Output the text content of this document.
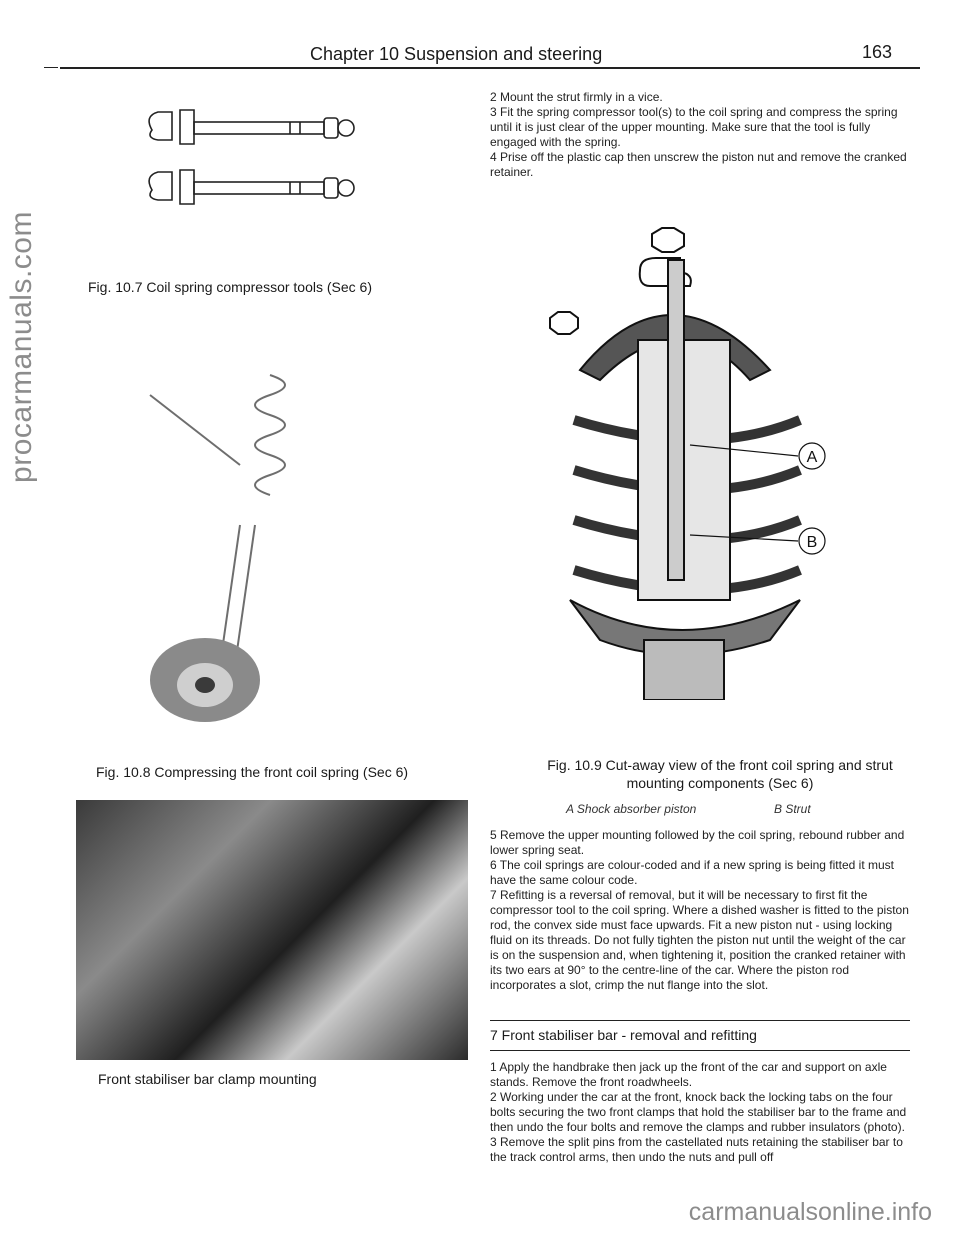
procarmanuals.com
carmanualsonline.info
Chapter 10 Suspension and steering	163
Fig. 10.7 Coil spring compressor tools (Sec 6)
Fig. 10.8 Compressing the front coil spring (Sec 6)
Front stabiliser bar clamp mounting

2 Mount the strut firmly in a vice.

3 Fit the spring compressor tool(s) to the coil spring and compress the spring until it is just clear of the upper mounting. Make sure that the tool is fully engaged with the spring.

4 Prise off the plastic cap then unscrew the piston nut and remove the cranked retainer.

A
B
Fig. 10.9 Cut-away view of the front coil spring and strut mounting components (Sec 6)
A Shock absorber piston	B Strut

5 Remove the upper mounting followed by the coil spring, rebound rubber and lower spring seat.

6 The coil springs are colour-coded and if a new spring is being fitted it must have the same colour code.

7 Refitting is a reversal of removal, but it will be necessary to first fit the compressor tool to the coil spring. Where a dished washer is fitted to the piston rod, the convex side must face upwards. Fit a new piston nut - using locking fluid on its threads. Do not fully tighten the piston nut until the weight of the car is on the suspension and, when tightening it, position the cranked retainer with its two ears at 90° to the centre-line of the car. Where the piston rod incorporates a slot, crimp the nut flange into the slot.

7 Front stabiliser bar - removal and refitting

1 Apply the handbrake then jack up the front of the car and support on axle stands. Remove the front roadwheels.

2 Working under the car at the front, knock back the locking tabs on the four bolts securing the two front clamps that hold the stabiliser bar to the frame and then undo the four bolts and remove the clamps and rubber insulators (photo).

3 Remove the split pins from the castellated nuts retaining the stabiliser bar to the track control arms, then undo the nuts and pull off
